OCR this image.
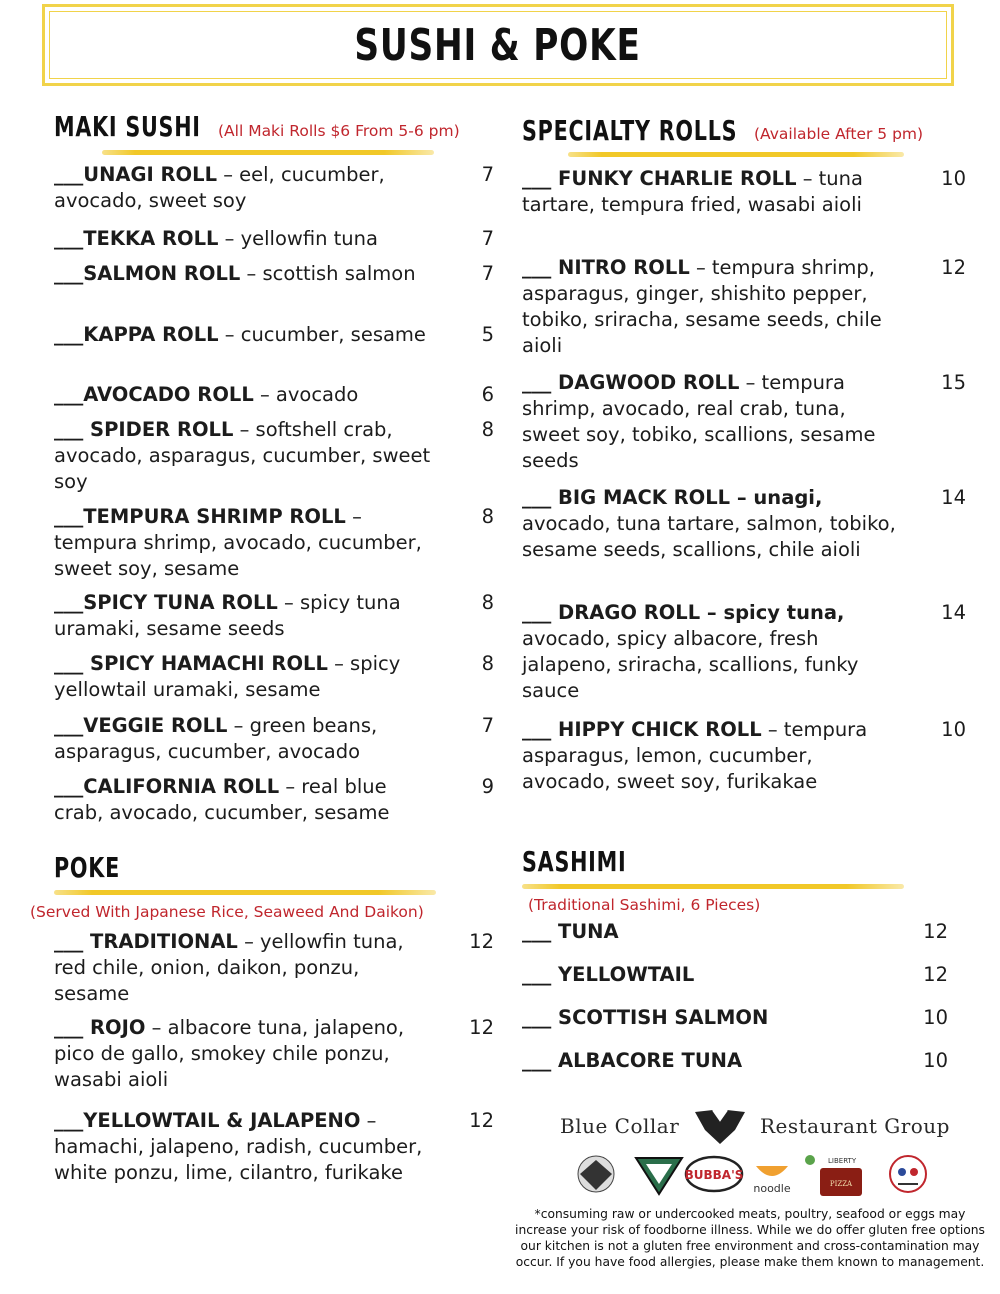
SUSHI & POKE
MAKI SUSHI (All Maki Rolls $6 From 5-6 pm) SPECIALTY ROLLS (Available After 5 pm)
POKE
(Served With Japanese Rice, Seaweed And Daikon)
SASHIMI
(Traditional Sashimi, 6 Pieces)
___UNAGI ROLL – eel, cucumber, avocado, sweet soy
7
___TEKKA ROLL – yellowfin tuna	7
___SALMON ROLL – scottish salmon	7
___KAPPA ROLL – cucumber, sesame	5
___AVOCADO ROLL – avocado	6
___ SPIDER ROLL – softshell crab, avocado, asparagus, cucumber, sweet soy
8
___TEMPURA SHRIMP ROLL – tempura shrimp, avocado, cucumber, sweet soy, sesame
8
___SPICY TUNA ROLL – spicy tuna uramaki, sesame seeds
8
___ SPICY HAMACHI ROLL – spicy yellowtail uramaki, sesame
8
___VEGGIE ROLL – green beans, asparagus, cucumber, avocado
7
___CALIFORNIA ROLL – real blue crab, avocado, cucumber, sesame
9
___ FUNKY CHARLIE ROLL – tuna tartare, tempura fried, wasabi aioli
10
___ NITRO ROLL – tempura shrimp, asparagus, ginger, shishito pepper, tobiko, sriracha, sesame seeds, chile aioli
12
___ DAGWOOD ROLL – tempura shrimp, avocado, real crab, tuna, sweet soy, tobiko, scallions, sesame seeds
15
___ BIG MACK ROLL – unagi, avocado, tuna tartare, salmon, tobiko, sesame seeds, scallions, chile aioli
14
___ DRAGO ROLL – spicy tuna, avocado, spicy albacore, fresh jalapeno, sriracha, scallions, funky sauce
14
___ HIPPY CHICK ROLL – tempura asparagus, lemon, cucumber, avocado, sweet soy, furikakae
10
___ TRADITIONAL – yellowfin tuna, red chile, onion, daikon, ponzu, sesame
12
___ ROJO – albacore tuna, jalapeno, pico de gallo, smokey chile ponzu, wasabi aioli
12
___YELLOWTAIL & JALAPENO – hamachi, jalapeno, radish, cucumber, white ponzu, lime, cilantro, furikake
12
___ TUNA	12
___ YELLOWTAIL	12
___ SCOTTISH SALMON	10
___ ALBACORE TUNA	10
Blue Collar	Restaurant Group
BUBBA'S
noodle
LIBERTY
PIZZA
*consuming raw or undercooked meats, poultry, seafood or eggs may increase your risk of foodborne illness. While we do offer gluten free options our kitchen is not a gluten free environment and cross-contamination may occur. If you have food allergies, please make them known to management.
